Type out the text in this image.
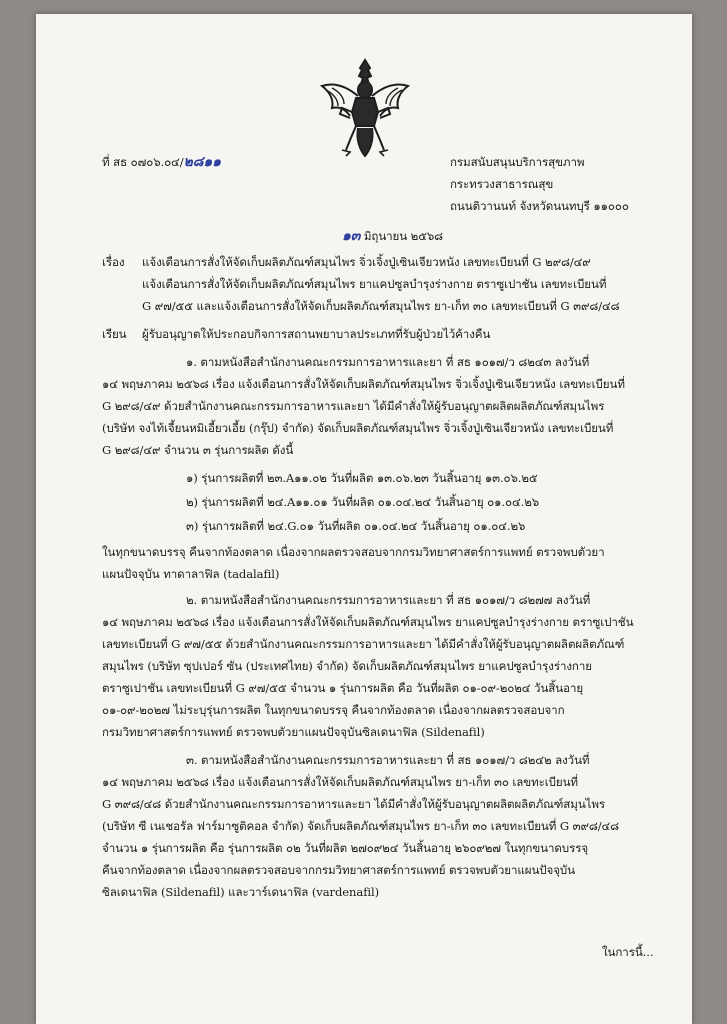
ที่ สธ ๐๗๐๖.๐๔/๒๘๑๑	กรมสนับสนุนบริการสุขภาพ
กระทรวงสาธารณสุข
ถนนติวานนท์ จังหวัดนนทบุรี ๑๑๐๐๐
๑๓ มิถุนายน ๒๕๖๘
เรื่อง แจ้งเตือนการสั่งให้จัดเก็บผลิตภัณฑ์สมุนไพร จิ่วเจิ้งปู่เซินเจียวหนัง เลขทะเบียนที่ G ๒๙๘/๔๙
แจ้งเตือนการสั่งให้จัดเก็บผลิตภัณฑ์สมุนไพร ยาแคปซูลบำรุงร่างกาย ตราซูเปาชัน เลขทะเบียนที่
G ๙๗/๕๕ และแจ้งเตือนการสั่งให้จัดเก็บผลิตภัณฑ์สมุนไพร ยา-เก็ท ๓๐ เลขทะเบียนที่ G ๓๙๘/๔๘
เรียน ผู้รับอนุญาตให้ประกอบกิจการสถานพยาบาลประเภทที่รับผู้ป่วยไว้ค้างคืน
๑. ตามหนังสือสำนักงานคณะกรรมการอาหารและยา ที่ สธ ๑๐๑๗/ว ๘๒๔๓ ลงวันที่
๑๔ พฤษภาคม ๒๕๖๘ เรื่อง แจ้งเตือนการสั่งให้จัดเก็บผลิตภัณฑ์สมุนไพร จิ่วเจิ้งปู่เซินเจียวหนัง เลขทะเบียนที่
G ๒๙๘/๔๙ ด้วยสำนักงานคณะกรรมการอาหารและยา ได้มีคำสั่งให้ผู้รับอนุญาตผลิตผลิตภัณฑ์สมุนไพร
(บริษัท จงไท้เจี้ยนหมิเอี้ยวเอี้ย (กรุ๊ป) จำกัด) จัดเก็บผลิตภัณฑ์สมุนไพร จิ่วเจิ้งปู่เซินเจียวหนัง เลขทะเบียนที่
G ๒๙๘/๔๙ จำนวน ๓ รุ่นการผลิต ดังนี้
๑) รุ่นการผลิตที่ ๒๓.A๑๑.๐๒ วันที่ผลิต ๑๓.๐๖.๒๓ วันสิ้นอายุ ๑๓.๐๖.๒๕
๒) รุ่นการผลิตที่ ๒๔.A๑๑.๐๑ วันที่ผลิต ๐๑.๐๔.๒๔ วันสิ้นอายุ ๐๑.๐๔.๒๖
๓) รุ่นการผลิตที่ ๒๔.G.๐๑ วันที่ผลิต ๐๑.๐๔.๒๔ วันสิ้นอายุ ๐๑.๐๔.๒๖
ในทุกขนาดบรรจุ คืนจากท้องตลาด เนื่องจากผลตรวจสอบจากกรมวิทยาศาสตร์การแพทย์ ตรวจพบตัวยา
แผนปัจจุบัน ทาดาลาฟิล (tadalafil)
๒. ตามหนังสือสำนักงานคณะกรรมการอาหารและยา ที่ สธ ๑๐๑๗/ว ๘๒๗๗ ลงวันที่
๑๔ พฤษภาคม ๒๕๖๘ เรื่อง แจ้งเตือนการสั่งให้จัดเก็บผลิตภัณฑ์สมุนไพร ยาแคปซูลบำรุงร่างกาย ตราซูเปาชัน
เลขทะเบียนที่ G ๙๗/๕๕ ด้วยสำนักงานคณะกรรมการอาหารและยา ได้มีคำสั่งให้ผู้รับอนุญาตผลิตผลิตภัณฑ์
สมุนไพร (บริษัท ซุปเปอร์ ซัน (ประเทศไทย) จำกัด) จัดเก็บผลิตภัณฑ์สมุนไพร ยาแคปซูลบำรุงร่างกาย
ตราซูเปาชัน เลขทะเบียนที่ G ๙๗/๕๕ จำนวน ๑ รุ่นการผลิต คือ วันที่ผลิต ๐๑-๐๙-๒๐๒๔ วันสิ้นอายุ
๐๑-๐๙-๒๐๒๗ ไม่ระบุรุ่นการผลิต ในทุกขนาดบรรจุ คืนจากท้องตลาด เนื่องจากผลตรวจสอบจาก
กรมวิทยาศาสตร์การแพทย์ ตรวจพบตัวยาแผนปัจจุบันซิลเดนาฟิล (Sildenafil)
๓. ตามหนังสือสำนักงานคณะกรรมการอาหารและยา ที่ สธ ๑๐๑๗/ว ๘๒๔๒ ลงวันที่
๑๔ พฤษภาคม ๒๕๖๘ เรื่อง แจ้งเตือนการสั่งให้จัดเก็บผลิตภัณฑ์สมุนไพร ยา-เก็ท ๓๐ เลขทะเบียนที่
G ๓๙๘/๔๘ ด้วยสำนักงานคณะกรรมการอาหารและยา ได้มีคำสั่งให้ผู้รับอนุญาตผลิตผลิตภัณฑ์สมุนไพร
(บริษัท ซี เนเชอรัล ฟาร์มาซูติคอล จำกัด) จัดเก็บผลิตภัณฑ์สมุนไพร ยา-เก็ท ๓๐ เลขทะเบียนที่ G ๓๙๘/๔๘
จำนวน ๑ รุ่นการผลิต คือ รุ่นการผลิต ๐๒ วันที่ผลิต ๒๗๐๙๒๔ วันสิ้นอายุ ๒๖๐๙๒๗ ในทุกขนาดบรรจุ
คืนจากท้องตลาด เนื่องจากผลตรวจสอบจากกรมวิทยาศาสตร์การแพทย์ ตรวจพบตัวยาแผนปัจจุบัน
ซิลเดนาฟิล (Sildenafil) และวาร์เดนาฟิล (vardenafil)
ในการนี้...
